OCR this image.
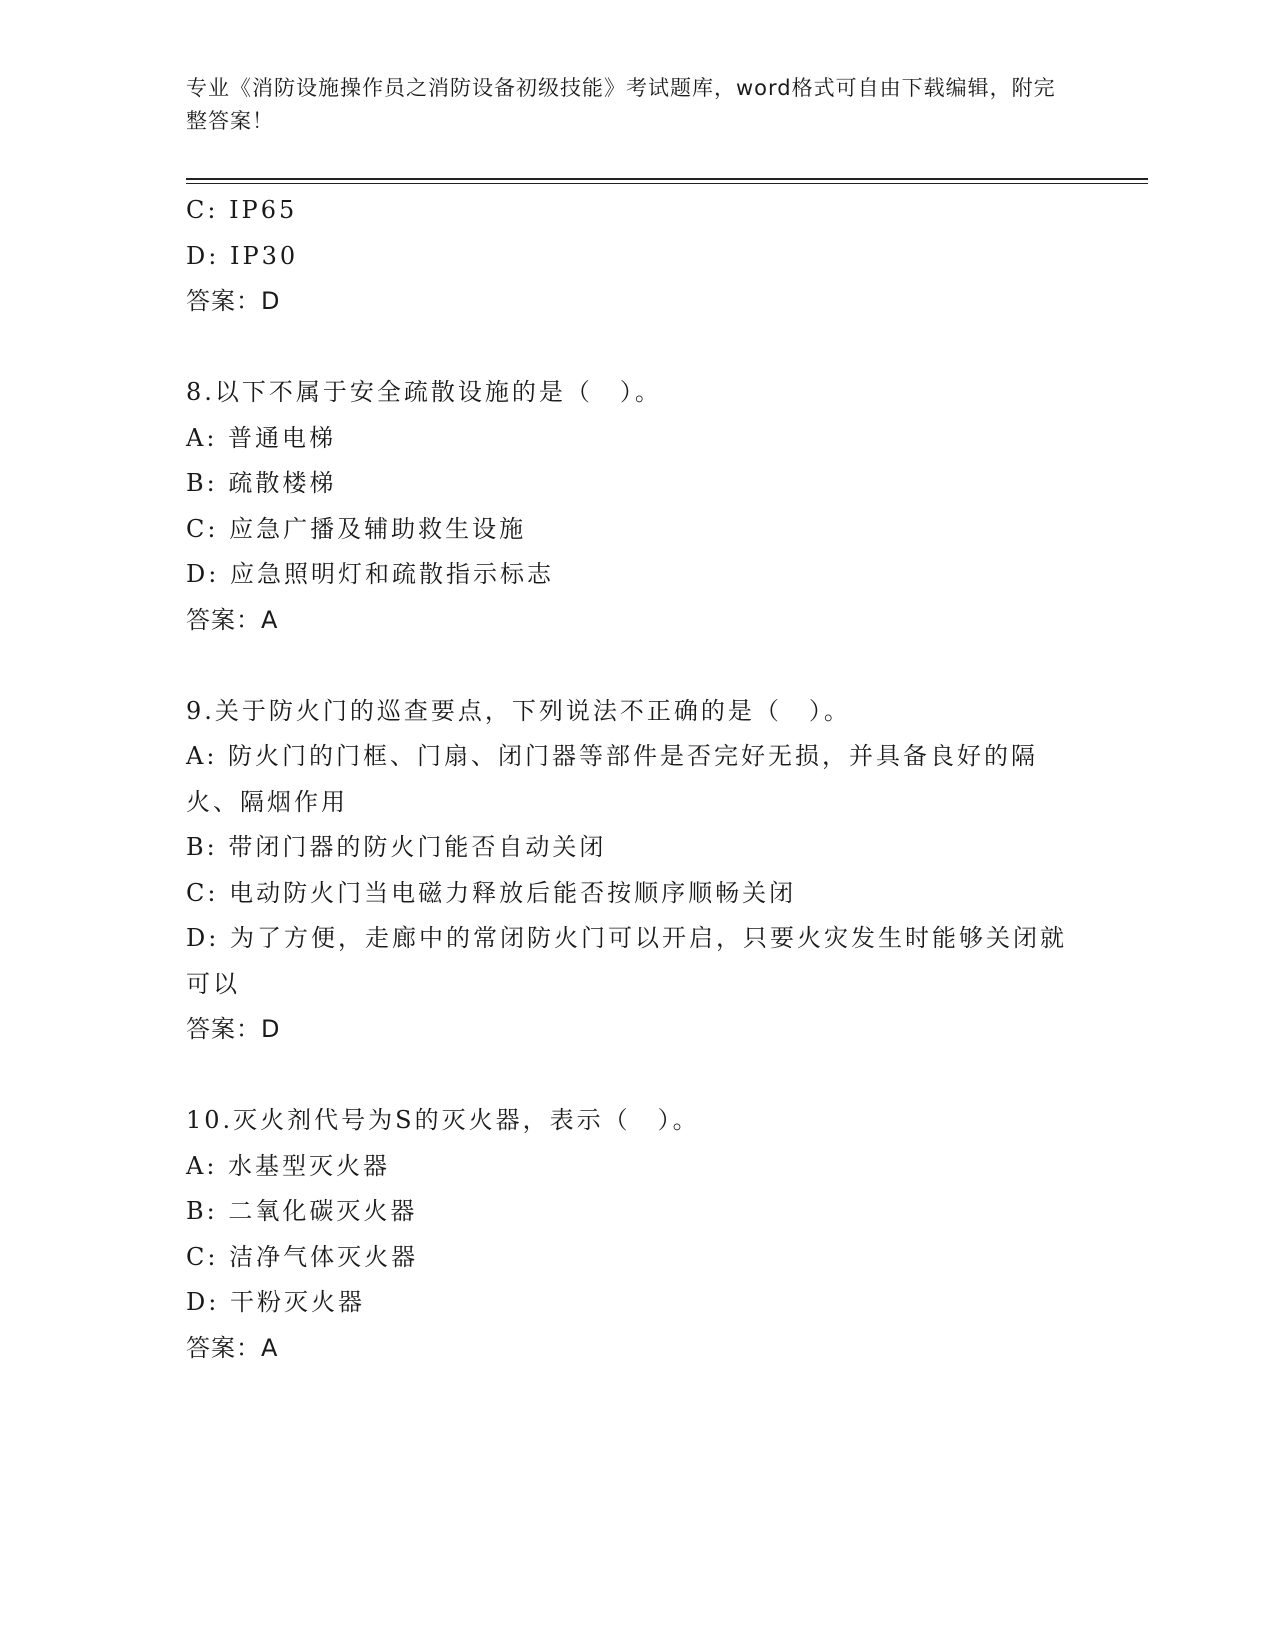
专业《消防设施操作员之消防设备初级技能》考试题库，word格式可自由下载编辑，附完整答案！
C: IP65
D: IP30
答案：D
8.以下不属于安全疏散设施的是（　）。
A: 普通电梯
B: 疏散楼梯
C: 应急广播及辅助救生设施
D: 应急照明灯和疏散指示标志
答案：A
9.关于防火门的巡查要点，下列说法不正确的是（　）。
A: 防火门的门框、门扇、闭门器等部件是否完好无损，并具备良好的隔火、隔烟作用
B: 带闭门器的防火门能否自动关闭
C: 电动防火门当电磁力释放后能否按顺序顺畅关闭
D: 为了方便，走廊中的常闭防火门可以开启，只要火灾发生时能够关闭就可以
答案：D
10.灭火剂代号为S的灭火器，表示（　）。
A: 水基型灭火器
B: 二氧化碳灭火器
C: 洁净气体灭火器
D: 干粉灭火器
答案：A
